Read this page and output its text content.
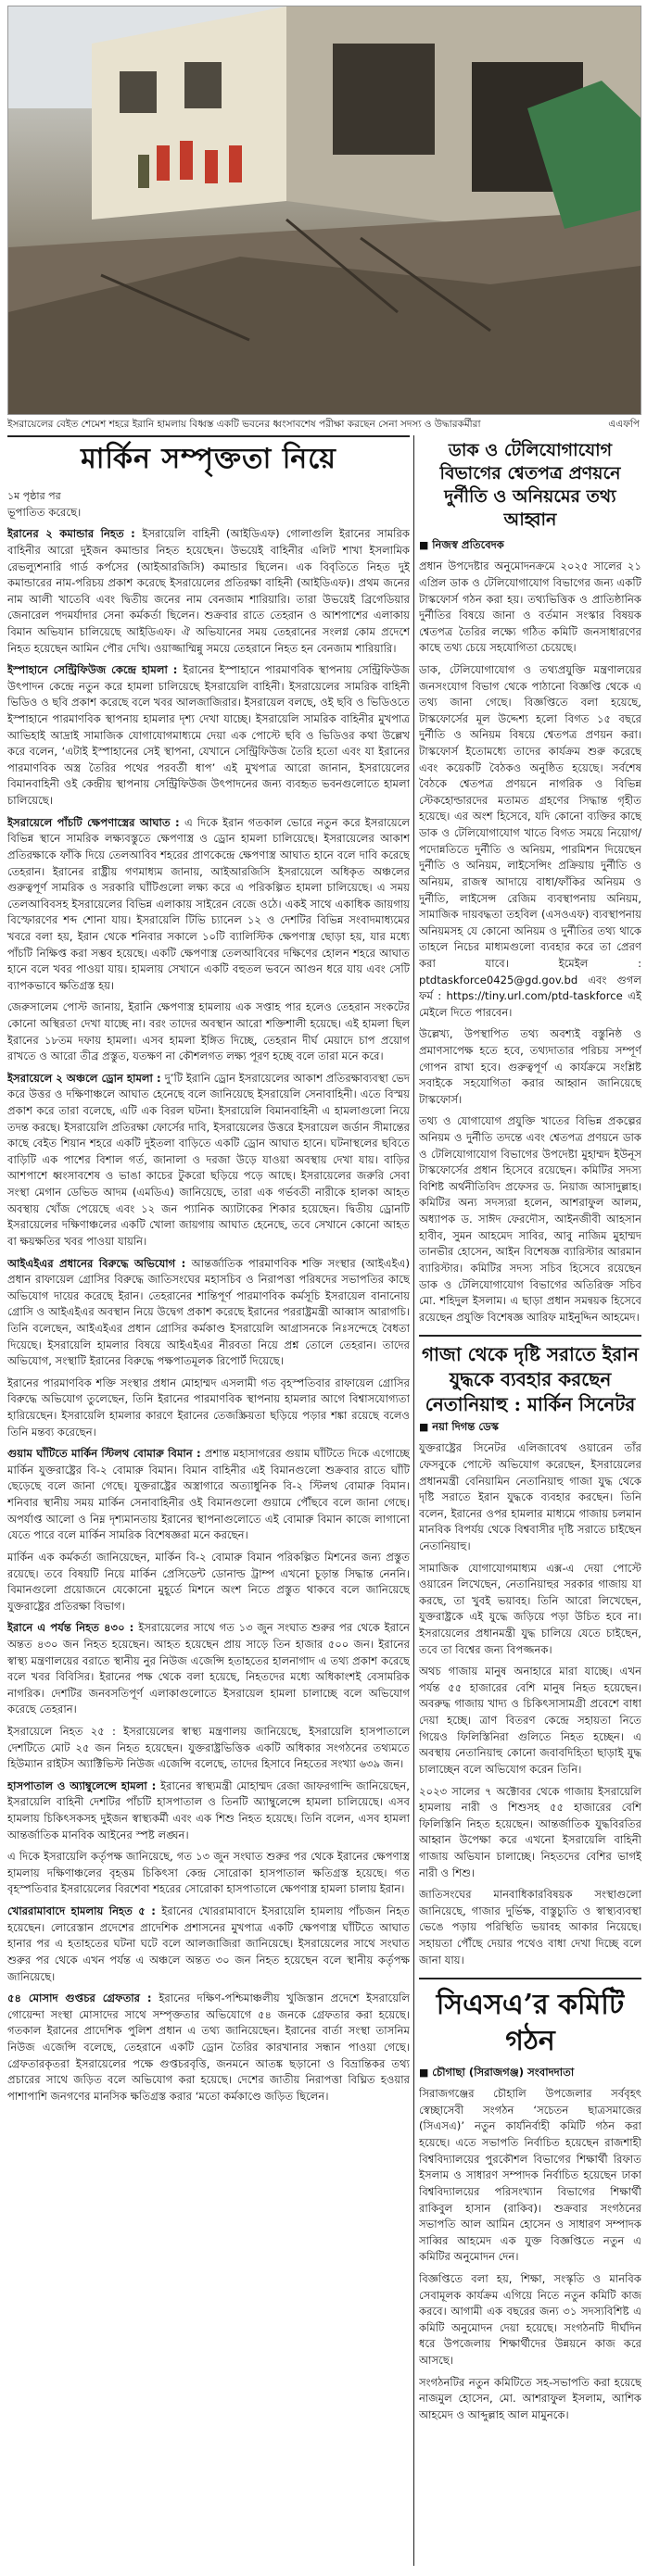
ইসরায়েলের বেইত শেমেশ শহরে ইরানি হামলায় বিধ্বস্ত একটি ভবনের ধ্বংসাবশেষ পরীক্ষা করছেন সেনা সদস্য ও উদ্ধারকর্মীরা	এএফপি
মার্কিন সম্পৃক্ততা নিয়ে

১ম পৃষ্ঠার পর

ভূপাতিত করেছে।

ইরানের ২ কমান্ডার নিহত : ইসরায়েলি বাহিনী (আইডিএফ) গোলাগুলি ইরানের সামরিক বাহিনীর আরো দুইজন কমান্ডার নিহত হয়েছেন। উভয়েই বাহিনীর এলিট শাখা ইসলামিক রেভল্যুশনারি গার্ড কর্পসের (আইআরজিসি) কমান্ডার ছিলেন। এক বিবৃতিতে নিহত দুই কমান্ডারের নাম-পরিচয় প্রকাশ করেছে ইসরায়েলের প্রতিরক্ষা বাহিনী (আইডিএফ)। প্রথম জনের নাম আলী খাতেবি এবং দ্বিতীয় জনের নাম বেনজাম শারিয়ারি। তারা উভয়েই ব্রিগেডিয়ার জেনারেল পদমর্যাদার সেনা কর্মকর্তা ছিলেন। শুক্রবার রাতে তেহরান ও আশপাশের এলাকায় বিমান অভিযান চালিয়েছে আইডিএফ। ঐ অভিযানের সময় তেহরানের সংলগ্ন কোম প্রদেশে নিহত হয়েছেন আমিন পৌর দেখি। ওয়াজ্জাম্মিন্নু সময়ে তেহরানে নিহত হন বেনজাম শারিয়ারি।

ইস্পাহানে সেন্ট্রিফিউজ কেন্দ্রে হামলা : ইরানের ইস্পাহানে পারমাণবিক স্থাপনায় সেন্ট্রিফিউজ উৎপাদন কেন্দ্রে নতুন করে হামলা চালিয়েছে ইসরায়েলি বাহিনী। ইসরায়েলের সামরিক বাহিনী ভিডিও ও ছবি প্রকাশ করেছে বলে খবর আলজাজিরার। ইসরায়েল বলছে, ওই ছবি ও ভিডিওতে ইস্পাহানে পারমাণবিক স্থাপনায় হামলার দৃশ্য দেখা যাচ্ছে। ইসরায়েলি সামরিক বাহিনীর মুখপাত্র আভিহাই আদ্রাই সামাজিক যোগাযোগমাধ্যমে দেয়া এক পোস্টে ছবি ও ভিডিওর কথা উল্লেখ করে বলেন, ‘এটাই ইস্পাহানের সেই স্থাপনা, যেখানে সেন্ট্রিফিউজ তৈরি হতো এবং যা ইরানের পারমাণবিক অস্ত্র তৈরির পথের পরবর্তী ধাপ’ এই মুখপাত্র আরো জানান, ইসরায়েলের বিমানবাহিনী ওই কেন্দ্রীয় স্থাপনায় সেন্ট্রিফিউজ উৎপাদনের জন্য ব্যবহৃত ভবনগুলোতে হামলা চালিয়েছে।

ইসরায়েলে পাঁচটি ক্ষেপণাস্ত্রের আঘাত : এ দিকে ইরান গতকাল ভোরে নতুন করে ইসরায়েলে বিভিন্ন স্থানে সামরিক লক্ষ্যবস্তুতে ক্ষেপণাস্ত্র ও ড্রোন হামলা চালিয়েছে। ইসরায়েলের আকাশ প্রতিরক্ষাকে ফাঁকি দিয়ে তেলআবিব শহরের প্রাণকেন্দ্রে ক্ষেপণাস্ত্র আঘাত হানে বলে দাবি করেছে তেহরান। ইরানের রাষ্ট্রীয় গণমাধ্যম জানায়, আইআরজিসি ইসরায়েলে অধিকৃত অঞ্চলের গুরুত্বপূর্ণ সামরিক ও সরকারি ঘাঁটিগুলো লক্ষ্য করে এ পরিকল্পিত হামলা চালিয়েছে। এ সময় তেলআবিবসহ ইসরায়েলের বিভিন্ন এলাকায় সাইরেন বেজে ওঠে। একই সাথে একাধিক জায়গায় বিস্ফোরণের শব্দ শোনা যায়। ইসরায়েলি টিভি চ্যানেল ১২ ও দেশটির বিভিন্ন সংবাদমাধ্যমের খবরে বলা হয়, ইরান থেকে শনিবার সকালে ১০টি ব্যালিস্টিক ক্ষেপণাস্ত্র ছোড়া হয়, যার মধ্যে পাঁচটি নিক্ষিপ্ত করা সম্ভব হয়েছে। একটি ক্ষেপণাস্ত্র তেলআবিবের দক্ষিণের হোলন শহরে আঘাত হানে বলে খবর পাওয়া যায়। হামলায় সেখানে একটি বহুতল ভবনে আগুন ধরে যায় এবং সেটি ব্যাপকভাবে ক্ষতিগ্রস্ত হয়।

জেরুসালেম পোস্ট জানায়, ইরানি ক্ষেপণাস্ত্র হামলায় এক সপ্তাহ পার হলেও তেহরান সংকটের কোনো অস্থিরতা দেখা যাচ্ছে না। বরং তাদের অবস্থান আরো শক্তিশালী হয়েছে। এই হামলা ছিল ইরানের ১৮তম দফায় হামলা। এসব হামলা ইঙ্গিত দিচ্ছে, তেহরান দীর্ঘ মেয়াদে চাপ প্রয়োগ রাখতে ও আরো তীব্র প্রস্তুত, যতক্ষণ না কৌশলগত লক্ষ্য পূরণ হচ্ছে বলে তারা মনে করে।

ইসরায়েলে ২ অঞ্চলে ড্রোন হামলা : দু’টি ইরানি ড্রোন ইসরায়েলের আকাশ প্রতিরক্ষাব্যবস্থা ভেদ করে উত্তর ও দক্ষিণাঞ্চলে আঘাত হেনেছে বলে জানিয়েছে ইসরায়েলি সেনাবাহিনী। এতে বিস্ময় প্রকাশ করে তারা বলেছে, এটি এক বিরল ঘটনা। ইসরায়েলি বিমানবাহিনী এ হামলাগুলো নিয়ে তদন্ত করছে। ইসরায়েলি প্রতিরক্ষা ফোর্সের দাবি, ইসরায়েলের উত্তরে ইসরায়েল জর্ডান সীমান্তের কাছে বেইত শিয়ান শহরে একটি দুইতলা বাড়িতে একটি ড্রোন আঘাত হানে। ঘটনাস্থলের ছবিতে বাড়িটি এক পাশের বিশাল গর্ত, জানালা ও দরজা উড়ে যাওয়া অবস্থায় দেখা যায়। বাড়ির আশপাশে ধ্বংসাবশেষ ও ভাঙা কাচের টুকরো ছড়িয়ে পড়ে আছে। ইসরায়েলের জরুরি সেবা সংস্থা মেগান ডেভিড আদম (এমডিএ) জানিয়েছে, তারা এক গর্ভবতী নারীকে হালকা আহত অবস্থায় খোঁজ পেয়েছে এবং ১২ জন প্যানিক অ্যাটাকের শিকার হয়েছেন। দ্বিতীয় ড্রোনটি ইসরায়েলের দক্ষিণাঞ্চলের একটি খোলা জায়গায় আঘাত হেনেছে, তবে সেখানে কোনো আহত বা ক্ষয়ক্ষতির খবর পাওয়া যায়নি।

আইএইএর প্রধানের বিরুদ্ধে অভিযোগ : আন্তর্জাতিক পারমাণবিক শক্তি সংস্থার (আইএইএ) প্রধান রাফায়েল গ্রোসির বিরুদ্ধে জাতিসংঘের মহাসচিব ও নিরাপত্তা পরিষদের সভাপতির কাছে অভিযোগ দায়ের করেছে ইরান। তেহরানের শান্তিপূর্ণ পারমাণবিক কর্মসূচি ইসরায়েল বানানোয় গ্রোসি ও আইএইএর অবস্থান নিয়ে উদ্বেগ প্রকাশ করেছে ইরানের পররাষ্ট্রমন্ত্রী আব্বাস আরাগচি। তিনি বলেছেন, আইএইএর প্রধান গ্রোসির কর্মকাণ্ড ইসরায়েলি আগ্রাসনকে নিঃসন্দেহে বৈধতা দিয়েছে। ইসরায়েলি হামলার বিষয়ে আইএইএর নীরবতা নিয়ে প্রশ্ন তোলে তেহরান। তাদের অভিযোগ, সংস্থাটি ইরানের বিরুদ্ধে পক্ষপাতমূলক রিপোর্ট দিয়েছে।

ইরানের পারমাণবিক শক্তি সংস্থার প্রধান মোহাম্মদ এসলামী গত বৃহস্পতিবার রাফায়েল গ্রোসির বিরুদ্ধে অভিযোগ তুলেছেন, তিনি ইরানের পারমাণবিক স্থাপনায় হামলার আগে বিশ্বাসযোগ্যতা হারিয়েছেন। ইসরায়েলি হামলার কারণে ইরানের তেজস্ক্রিয়তা ছড়িয়ে পড়ার শঙ্কা রয়েছে বলেও তিনি মন্তব্য করেছেন।

গুয়াম ঘাঁটিতে মার্কিন স্টিলথ বোমারু বিমান : প্রশান্ত মহাসাগরের গুয়াম ঘাঁটিতে দিকে এগোচ্ছে মার্কিন যুক্তরাষ্ট্রের বি-২ বোমারু বিমান। বিমান বাহিনীর এই বিমানগুলো শুক্রবার রাতে ঘাঁটি ছেড়েছে বলে জানা গেছে। যুক্তরাষ্ট্রের অস্ত্রাগারে অত্যাধুনিক বি-২ স্টিলথ বোমারু বিমান। শনিবার স্থানীয় সময় মার্কিন সেনাবাহিনীর ওই বিমানগুলো গুয়ামে পৌঁছবে বলে জানা গেছে। অপর্যাপ্ত আলো ও নিম্ন দৃশ্যমানতায় ইরানের স্থাপনাগুলোতে এই বোমারু বিমান কাজে লাগানো যেতে পারে বলে মার্কিন সামরিক বিশেষজ্ঞরা মনে করছেন।

মার্কিন এক কর্মকর্তা জানিয়েছেন, মার্কিন বি-২ বোমারু বিমান পরিকল্পিত মিশনের জন্য প্রস্তুত রয়েছে। তবে বিষয়টি নিয়ে মার্কিন প্রেসিডেন্ট ডোনাল্ড ট্রাম্প এখনো চূড়ান্ত সিদ্ধান্ত নেননি। বিমানগুলো প্রয়োজনে যেকোনো মুহূর্তে মিশনে অংশ নিতে প্রস্তুত থাকবে বলে জানিয়েছে যুক্তরাষ্ট্রের প্রতিরক্ষা বিভাগ।

ইরানে এ পর্যন্ত নিহত ৪৩০ : ইসরায়েলের সাথে গত ১৩ জুন সংঘাত শুরুর পর থেকে ইরানে অন্তত ৪৩০ জন নিহত হয়েছেন। আহত হয়েছেন প্রায় সাড়ে তিন হাজার ৫০০ জন। ইরানের স্বাস্থ্য মন্ত্রণালয়ের বরাতে স্থানীয় নুর নিউজ এজেন্সি হতাহতের হালনাগাদ এ তথ্য প্রকাশ করেছে বলে খবর বিবিসির। ইরানের পক্ষ থেকে বলা হয়েছে, নিহতদের মধ্যে অধিকাংশই বেসামরিক নাগরিক। দেশটির জনবসতিপূর্ণ এলাকাগুলোতে ইসরায়েল হামলা চালাচ্ছে বলে অভিযোগ করেছে তেহরান।

ইসরায়েলে নিহত ২৫ : ইসরায়েলের স্বাস্থ্য মন্ত্রণালয় জানিয়েছে, ইসরায়েলি হাসপাতালে দেশটিতে মোট ২৫ জন নিহত হয়েছেন। যুক্তরাষ্ট্রভিত্তিক একটি অধিকার সংগঠনের তথ্যমতে হিউম্যান রাইটস অ্যাক্টিভিস্ট নিউজ এজেন্সি বলেছে, তাদের হিসাবে নিহতের সংখ্যা ৬৩৯ জন।

হাসপাতাল ও অ্যাম্বুলেন্সে হামলা : ইরানের স্বাস্থ্যমন্ত্রী মোহাম্মদ রেজা জাফরগান্দি জানিয়েছেন, ইসরায়েলি বাহিনী দেশটির পাঁচটি হাসপাতাল ও তিনটি অ্যাম্বুলেন্সে হামলা চালিয়েছে। এসব হামলায় চিকিৎসকসহ দুইজন স্বাস্থ্যকর্মী এবং এক শিশু নিহত হয়েছে। তিনি বলেন, এসব হামলা আন্তর্জাতিক মানবিক আইনের স্পষ্ট লঙ্ঘন।

এ দিকে ইসরায়েলি কর্তৃপক্ষ জানিয়েছে, গত ১৩ জুন সংঘাত শুরুর পর থেকে ইরানের ক্ষেপণাস্ত্র হামলায় দক্ষিণাঞ্চলের বৃহত্তম চিকিৎসা কেন্দ্র সোরোকা হাসপাতাল ক্ষতিগ্রস্ত হয়েছে। গত বৃহস্পতিবার ইসরায়েলের বিরশেবা শহরের সোরোকা হাসপাতালে ক্ষেপণাস্ত্র হামলা চালায় ইরান।

খোররামাবাদে হামলায় নিহত ৫ : ইরানের খোররামাবাদে ইসরায়েলি হামলায় পাঁচজন নিহত হয়েছেন। লোরেস্তান প্রদেশের প্রাদেশিক প্রশাসনের মুখপাত্র একটি ক্ষেপণাস্ত্র ঘাঁটিতে আঘাত হানার পর এ হতাহতের ঘটনা ঘটে বলে আলজাজিরা জানিয়েছে। ইসরায়েলের সাথে সংঘাত শুরুর পর থেকে এখন পর্যন্ত এ অঞ্চলে অন্তত ৩০ জন নিহত হয়েছেন বলে স্থানীয় কর্তৃপক্ষ জানিয়েছে।

৫৪ মোসাদ গুপ্তচর গ্রেফতার : ইরানের দক্ষিণ-পশ্চিমাঞ্চলীয় খুজিস্তান প্রদেশে ইসরায়েলি গোয়েন্দা সংস্থা মোসাদের সাথে সম্পৃক্ততার অভিযোগে ৫৪ জনকে গ্রেফতার করা হয়েছে। গতকাল ইরানের প্রাদেশিক পুলিশ প্রধান এ তথ্য জানিয়েছেন। ইরানের বার্তা সংস্থা তাসনিম নিউজ এজেন্সি বলেছে, তেহরানে একটি ড্রোন তৈরির কারখানার সন্ধান পাওয়া গেছে। গ্রেফতারকৃতরা ইসরায়েলের পক্ষে গুপ্তচরবৃত্তি, জনমনে আতঙ্ক ছড়ানো ও বিভ্রান্তিকর তথ্য প্রচারের সাথে জড়িত বলে অভিযোগ করা হয়েছে। দেশের জাতীয় নিরাপত্তা বিঘ্নিত হওয়ার পাশাপাশি জনগণের মানসিক ক্ষতিগ্রস্ত করার ‘মতো কর্মকাণ্ডে জড়িত ছিলেন।

ডাক ও টেলিযোগাযোগ বিভাগের শ্বেতপত্র প্রণয়নে দুর্নীতি ও অনিয়মের তথ্য আহ্বান
■ নিজস্ব প্রতিবেদক

প্রধান উপদেষ্টার অনুমোদনক্রমে ২০২৫ সালের ২১ এপ্রিল ডাক ও টেলিযোগাযোগ বিভাগের জন্য একটি টাস্কফোর্স গঠন করা হয়। তথ্যভিত্তিক ও প্রাতিষ্ঠানিক দুর্নীতির বিষয়ে জানা ও বর্তমান সংস্কার বিষয়ক শ্বেতপত্র তৈরির লক্ষ্যে গঠিত কমিটি জনসাধারণের কাছে তথ্য চেয়ে সহযোগিতা চেয়েছে।

ডাক, টেলিযোগাযোগ ও তথ্যপ্রযুক্তি মন্ত্রণালয়ের জনসংযোগ বিভাগ থেকে পাঠানো বিজ্ঞপ্তি থেকে এ তথ্য জানা গেছে। বিজ্ঞপ্তিতে বলা হয়েছে, টাস্কফোর্সের মূল উদ্দেশ্য হলো বিগত ১৫ বছরে দুর্নীতি ও অনিয়ম বিষয়ে শ্বেতপত্র প্রণয়ন করা। টাস্কফোর্স ইতোমধ্যে তাদের কার্যক্রম শুরু করেছে এবং কয়েকটি বৈঠকও অনুষ্ঠিত হয়েছে। সর্বশেষ বৈঠকে শ্বেতপত্র প্রণয়নে নাগরিক ও বিভিন্ন স্টেকহোল্ডারদের মতামত গ্রহণের সিদ্ধান্ত গৃহীত হয়েছে। এর অংশ হিসেবে, যদি কোনো ব্যক্তির কাছে ডাক ও টেলিযোগাযোগ খাতে বিগত সময়ে নিয়োগ/পদোন্নতিতে দুর্নীতি ও অনিয়ম, পারমিশন দিয়েছেন দুর্নীতি ও অনিয়ম, লাইসেন্সিং প্রক্রিয়ায় দুর্নীতি ও অনিয়ম, রাজস্ব আদায়ে বাধা/ফাঁকির অনিয়ম ও দুর্নীতি, লাইসেন্স রেজিম ব্যবস্থাপনায় অনিয়ম, সামাজিক দায়বদ্ধতা তহবিল (এসওএফ) ব্যবস্থাপনায় অনিয়মসহ যে কোনো অনিয়ম ও দুর্নীতির তথ্য থাকে তাহলে নিচের মাধ্যমগুলো ব্যবহার করে তা প্রেরণ করা যাবে। ইমেইল : ptdtaskforce0425@gd.gov.bd এবং গুগল ফর্ম : https://tiny.url.com/ptd-taskforce এই মেইলে দিতে পারবেন।

উল্লেখ্য, উপস্থাপিত তথ্য অবশ্যই বস্তুনিষ্ঠ ও প্রমাণসাপেক্ষ হতে হবে, তথ্যদাতার পরিচয় সম্পূর্ণ গোপন রাখা হবে। গুরুত্বপূর্ণ এ কার্যক্রমে সংশ্লিষ্ট সবাইকে সহযোগিতা করার আহ্বান জানিয়েছে টাস্কফোর্স।

তথ্য ও যোগাযোগ প্রযুক্তি খাতের বিভিন্ন প্রকল্পের অনিয়ম ও দুর্নীতি তদন্তে এবং শ্বেতপত্র প্রণয়নে ডাক ও টেলিযোগাযোগ বিভাগের উপদেষ্টা মুহাম্মদ ইউনূস টাস্কফোর্সের প্রধান হিসেবে রয়েছেন। কমিটির সদস্য বিশিষ্ট অর্থনীতিবিদ প্রফেসর ড. নিয়াজ আসাদুল্লাহ। কমিটির অন্য সদস্যরা হলেন, আশরাফুল আলম, অধ্যাপক ড. সাঈদ ফেরদৌস, আইনজীবী আহসান হাবীব, সুমন আহমেদ সাবির, আবু নাজিম মুহাম্মদ তানভীর হোসেন, আইন বিশেষজ্ঞ ব্যারিস্টার আরমান ব্যারিস্টার। কমিটির সদস্য সচিব হিসেবে রয়েছেন ডাক ও টেলিযোগাযোগ বিভাগের অতিরিক্ত সচিব মো. শহিদুল ইসলাম। এ ছাড়া প্রধান সমন্বয়ক হিসেবে রয়েছেন প্রযুক্তি বিশেষজ্ঞ আরিফ মাইনুদ্দিন আহমেদ।

গাজা থেকে দৃষ্টি সরাতে ইরান যুদ্ধকে ব্যবহার করছেন নেতানিয়াহু : মার্কিন সিনেটর
■ নয়া দিগন্ত ডেস্ক

যুক্তরাষ্ট্রের সিনেটর এলিজাবেথ ওয়ারেন তাঁর ফেসবুকে পোস্টে অভিযোগ করেছেন, ইসরায়েলের প্রধানমন্ত্রী বেনিয়ামিন নেতানিয়াহু গাজা যুদ্ধ থেকে দৃষ্টি সরাতে ইরান যুদ্ধকে ব্যবহার করছেন। তিনি বলেন, ইরানের ওপর হামলার মাধ্যমে গাজায় চলমান মানবিক বিপর্যয় থেকে বিশ্ববাসীর দৃষ্টি সরাতে চাইছেন নেতানিয়াহু।

সামাজিক যোগাযোগমাধ্যম এক্স-এ দেয়া পোস্টে ওয়ারেন লিখেছেন, নেতানিয়াহুর সরকার গাজায় যা করছে, তা খুবই ভয়াবহ। তিনি আরো লিখেছেন, যুক্তরাষ্ট্রকে এই যুদ্ধে জড়িয়ে পড়া উচিত হবে না। ইসরায়েলের প্রধানমন্ত্রী যুদ্ধ চালিয়ে যেতে চাইছেন, তবে তা বিশ্বের জন্য বিপজ্জনক।

অথচ গাজায় মানুষ অনাহারে মারা যাচ্ছে। এখন পর্যন্ত ৫৫ হাজারের বেশি মানুষ নিহত হয়েছেন। অবরুদ্ধ গাজায় খাদ্য ও চিকিৎসাসামগ্রী প্রবেশে বাধা দেয়া হচ্ছে। ত্রাণ বিতরণ কেন্দ্রে সহায়তা নিতে গিয়েও ফিলিস্তিনিরা গুলিতে নিহত হচ্ছেন। এ অবস্থায় নেতানিয়াহু কোনো জবাবদিহিতা ছাড়াই যুদ্ধ চালাচ্ছেন বলে অভিযোগ করেন তিনি।

২০২৩ সালের ৭ অক্টোবর থেকে গাজায় ইসরায়েলি হামলায় নারী ও শিশুসহ ৫৫ হাজারের বেশি ফিলিস্তিনি নিহত হয়েছেন। আন্তর্জাতিক যুদ্ধবিরতির আহ্বান উপেক্ষা করে এখনো ইসরায়েলি বাহিনী গাজায় অভিযান চালাচ্ছে। নিহতদের বেশির ভাগই নারী ও শিশু।

জাতিসংঘের মানবাধিকারবিষয়ক সংস্থাগুলো জানিয়েছে, গাজার দুর্ভিক্ষ, বাস্তুচ্যুতি ও স্বাস্থ্যব্যবস্থা ভেঙে পড়ায় পরিস্থিতি ভয়াবহ আকার নিয়েছে। সহায়তা পৌঁছে দেয়ার পথেও বাধা দেখা দিচ্ছে বলে জানা যায়।

সিএসএ’র কমিটি গঠন
■ চৌগাছা (সিরাজগঞ্জ) সংবাদদাতা

সিরাজগঞ্জের চৌহালি উপজেলার সর্ববৃহৎ স্বেচ্ছাসেবী সংগঠন ‘সচেতন ছাত্রসমাজের (সিএসএ)’ নতুন কার্যনির্বাহী কমিটি গঠন করা হয়েছে। এতে সভাপতি নির্বাচিত হয়েছেন রাজশাহী বিশ্ববিদ্যালয়ের পুরকৌশল বিভাগের শিক্ষার্থী রিফাত ইসলাম ও সাধারণ সম্পাদক নির্বাচিত হয়েছেন ঢাকা বিশ্ববিদ্যালয়ের পরিসংখ্যান বিভাগের শিক্ষার্থী রাকিবুল হাসান (রাকিব)। শুক্রবার সংগঠনের সভাপতি আল আমিন হোসেন ও সাধারণ সম্পাদক সাব্বির আহমেদ এক যুক্ত বিজ্ঞপ্তিতে নতুন এ কমিটির অনুমোদন দেন।

বিজ্ঞপ্তিতে বলা হয়, শিক্ষা, সংস্কৃতি ও মানবিক সেবামূলক কার্যক্রম এগিয়ে নিতে নতুন কমিটি কাজ করবে। আগামী এক বছরের জন্য ৩১ সদস্যবিশিষ্ট এ কমিটি অনুমোদন দেয়া হয়েছে। সংগঠনটি দীর্ঘদিন ধরে উপজেলায় শিক্ষার্থীদের উন্নয়নে কাজ করে আসছে।

সংগঠনটির নতুন কমিটিতে সহ-সভাপতি করা হয়েছে নাজমুল হোসেন, মো. আশরাফুল ইসলাম, আশিক আহমেদ ও আব্দুল্লাহ আল মামুনকে।
